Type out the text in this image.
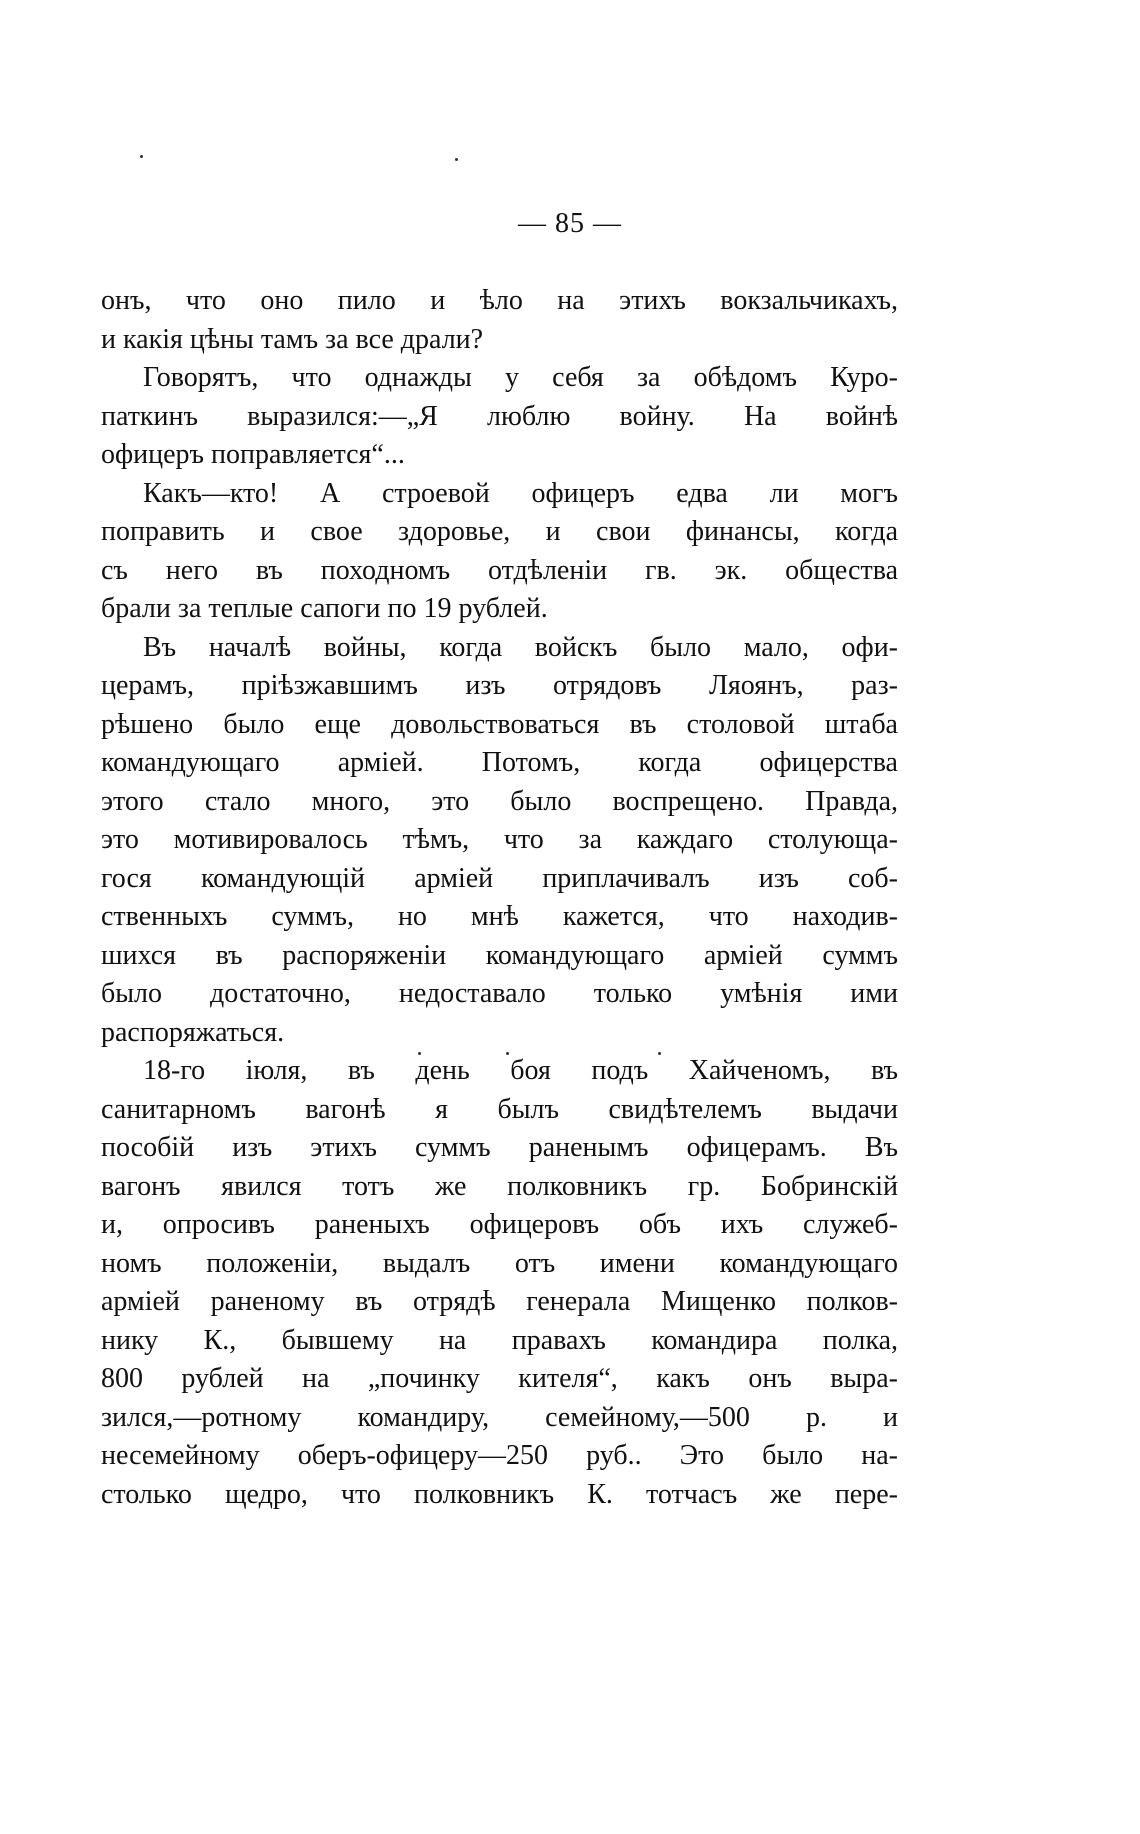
— 85 —
онъ, что оно пило и ѣло на этихъ вокзальчикахъ,
и какія цѣны тамъ за все драли?
Говорятъ, что однажды у себя за обѣдомъ Куро-
паткинъ выразился:—„Я люблю войну. На войнѣ
офицеръ поправляется“...
Какъ—кто! А строевой офицеръ едва ли могъ
поправить и свое здоровье, и свои финансы, когда
съ него въ походномъ отдѣленіи гв. эк. общества
брали за теплые сапоги по 19 рублей.
Въ началѣ войны, когда войскъ было мало, офи-
церамъ, пріѣзжавшимъ изъ отрядовъ Ляоянъ, раз-
рѣшено было еще довольствоваться въ столовой штаба
командующаго арміей. Потомъ, когда офицерства
этого стало много, это было воспрещено. Правда,
это мотивировалось тѣмъ, что за каждаго столующа-
гося командующій арміей приплачивалъ изъ соб-
ственныхъ суммъ, но мнѣ кажется, что находив-
шихся въ распоряженіи командующаго арміей суммъ
было достаточно, недоставало только умѣнія ими
распоряжаться.
18-го іюля, въ день боя подъ Хайченомъ, въ
санитарномъ вагонѣ я былъ свидѣтелемъ выдачи
пособій изъ этихъ суммъ раненымъ офицерамъ. Въ
вагонъ явился тотъ же полковникъ гр. Бобринскій
и, опросивъ раненыхъ офицеровъ объ ихъ служеб-
номъ положеніи, выдалъ отъ имени командующаго
арміей раненому въ отрядѣ генерала Мищенко полков-
нику К., бывшему на правахъ командира полка,
800 рублей на „починку кителя“, какъ онъ выра-
зился,—ротному командиру, семейному,—500 р. и
несемейному оберъ-офицеру—250 руб.. Это было на-
столько щедро, что полковникъ К. тотчасъ же пере-
